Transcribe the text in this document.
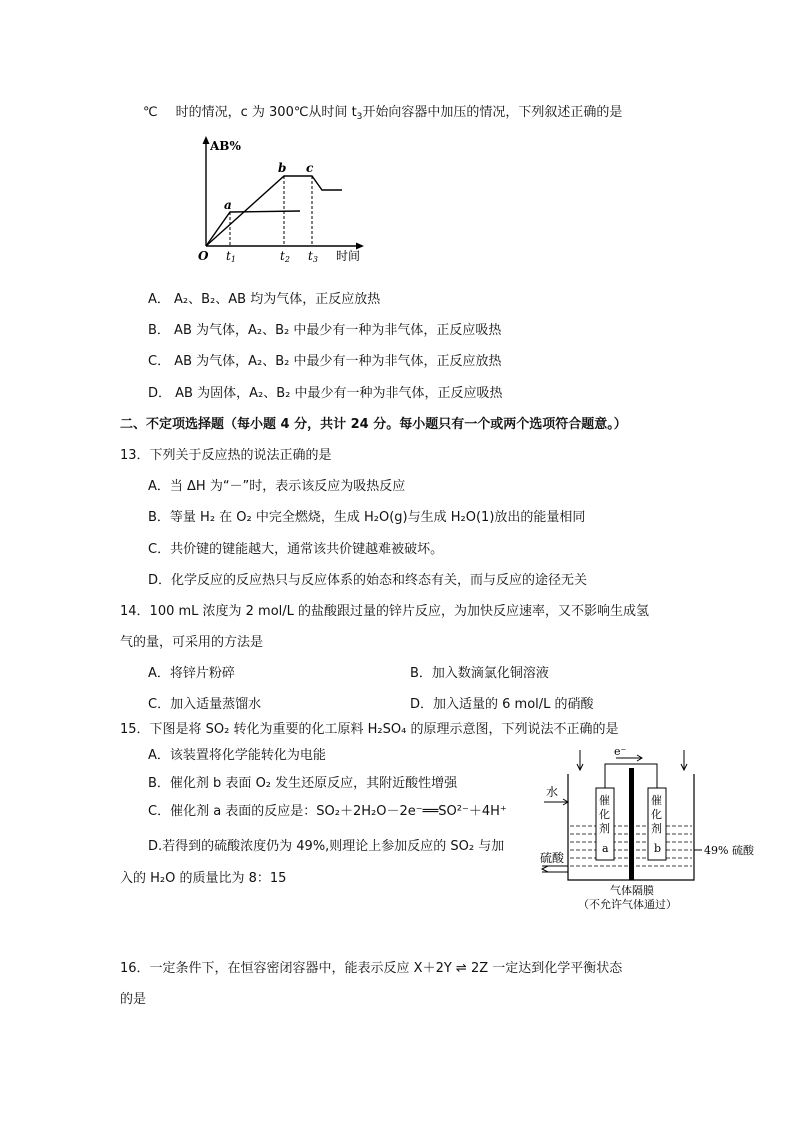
℃ 时的情况，c 为 300℃从时间 $t_3$开始向容器中加压的情况，下列叙述正确的是
AB%
a
b c
O t1	t2 t3 时间
A． A₂、B₂、AB 均为气体，正反应放热
B． AB 为气体，A₂、B₂ 中最少有一种为非气体，正反应吸热
C． AB 为气体，A₂、B₂ 中最少有一种为非气体，正反应放热
D． AB 为固体，A₂、B₂ 中最少有一种为非气体，正反应吸热
二、不定项选择题（每小题 4 分，共计 24 分。每小题只有一个或两个选项符合题意。）
13．下列关于反应热的说法正确的是
A．当 ΔH 为“－”时，表示该反应为吸热反应
B．等量 H₂ 在 O₂ 中完全燃烧，生成 H₂O(g)与生成 H₂O(1)放出的能量相同
C．共价键的键能越大，通常该共价键越难被破坏。
D．化学反应的反应热只与反应体系的始态和终态有关，而与反应的途径无关
14．100 mL 浓度为 2 mol/L 的盐酸跟过量的锌片反应，为加快反应速率，又不影响生成氢
气的量，可采用的方法是
A．将锌片粉碎	B．加入数滴氯化铜溶液
C．加入适量蒸馏水	D．加入适量的 6 mol/L 的硝酸
15．下图是将 SO₂ 转化为重要的化工原料 H₂SO₄ 的原理示意图，下列说法不正确的是
A．该装置将化学能转化为电能
B．催化剂 b 表面 O₂ 发生还原反应，其附近酸性增强
C．催化剂 a 表面的反应是：SO₂＋2H₂O－2e⁻══SO²⁻＋4H⁺
D.若得到的硫酸浓度仍为 49%,则理论上参加反应的 SO₂ 与加
入的 H₂O 的质量比为 8：15
e⁻
催化剂
a
催化剂
b
水
硫酸
49% 硫酸
气体隔膜
（不允许气体通过）
16．一定条件下，在恒容密闭容器中，能表示反应 X＋2Y ⇌ 2Z 一定达到化学平衡状态
的是
